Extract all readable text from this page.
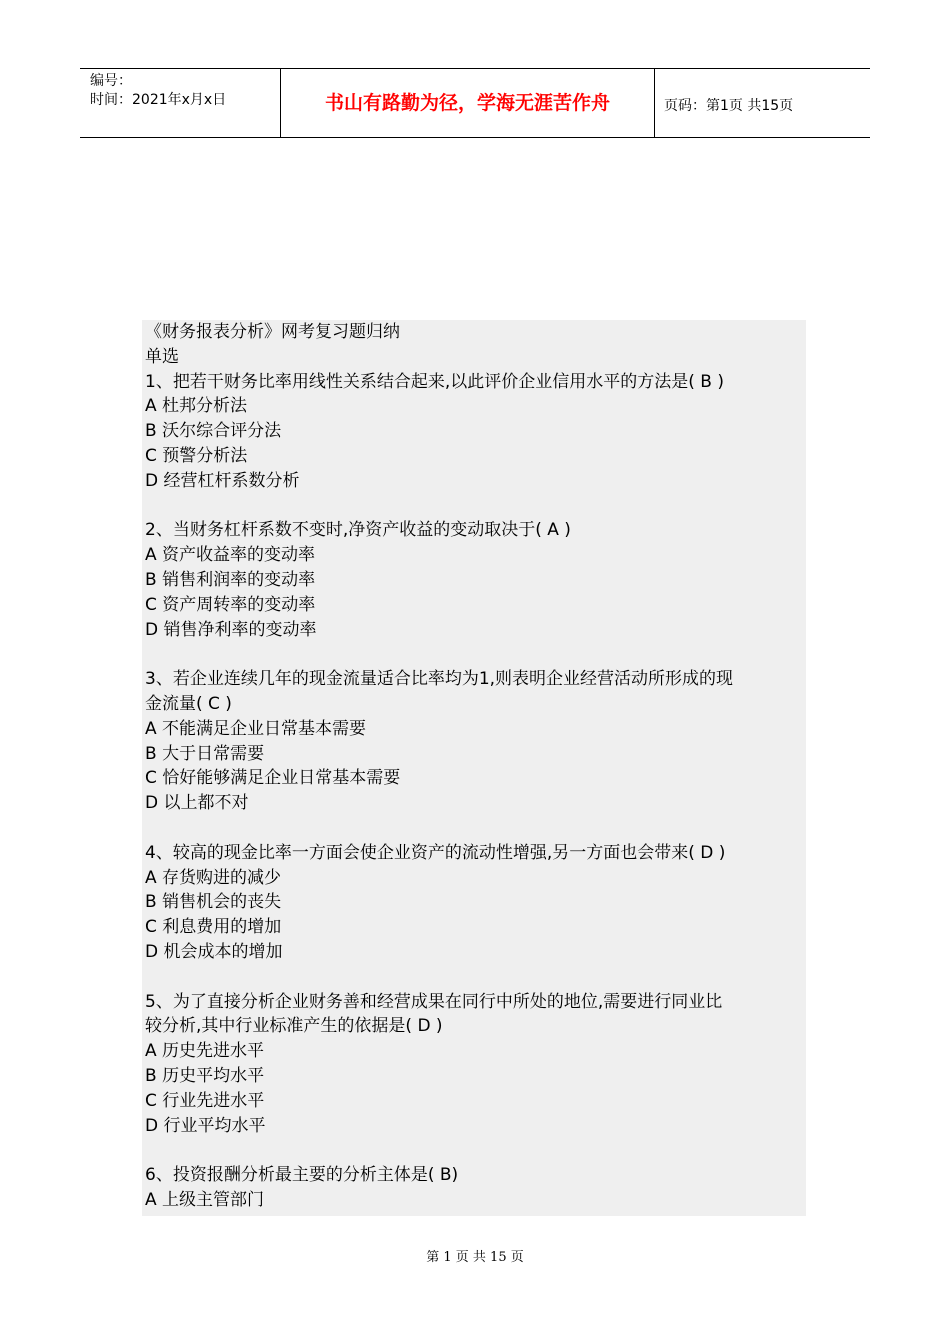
编号：
时间：2021年x月x日	书山有路勤为径，学海无涯苦作舟	页码：第1页 共15页
《财务报表分析》网考复习题归纳
单选
1、把若干财务比率用线性关系结合起来,以此评价企业信用水平的方法是( B )
A 杜邦分析法
B 沃尔综合评分法
C 预警分析法
D 经营杠杆系数分析
2、当财务杠杆系数不变时,净资产收益的变动取决于( A )
A 资产收益率的变动率
B 销售利润率的变动率
C 资产周转率的变动率
D 销售净利率的变动率
3、若企业连续几年的现金流量适合比率均为1,则表明企业经营活动所形成的现
金流量( C )
A 不能满足企业日常基本需要
B 大于日常需要
C 恰好能够满足企业日常基本需要
D 以上都不对
4、较高的现金比率一方面会使企业资产的流动性增强,另一方面也会带来( D )
A 存货购进的减少
B 销售机会的丧失
C 利息费用的增加
D 机会成本的增加
5、为了直接分析企业财务善和经营成果在同行中所处的地位,需要进行同业比
较分析,其中行业标准产生的依据是( D )
A 历史先进水平
B 历史平均水平
C 行业先进水平
D 行业平均水平
6、投资报酬分析最主要的分析主体是( B)
A 上级主管部门
第 1 页 共 15 页
